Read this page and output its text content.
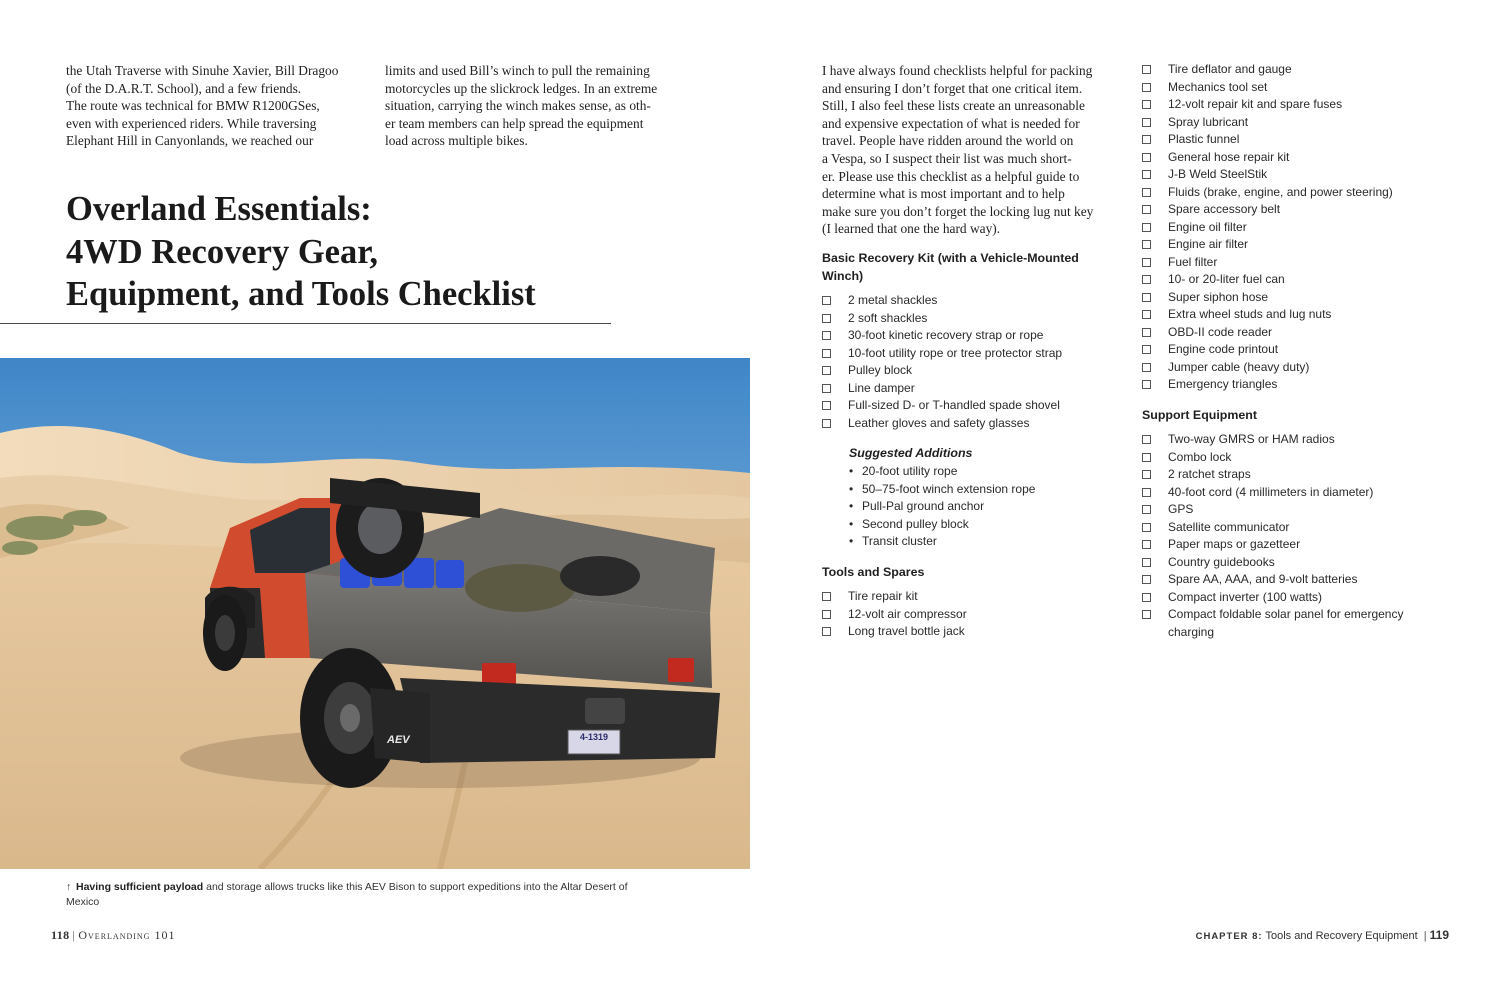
the Utah Traverse with Sinuhe Xavier, Bill Dragoo
(of the D.A.R.T. School), and a few friends.
The route was technical for BMW R1200GSes,
even with experienced riders. While traversing
Elephant Hill in Canyonlands, we reached our
limits and used Bill’s winch to pull the remaining
motorcycles up the slickrock ledges. In an extreme
situation, carrying the winch makes sense, as oth-
er team members can help spread the equipment
load across multiple bikes.
Overland Essentials:
4WD Recovery Gear,
Equipment, and Tools Checklist
AEV	4-1319
↑ Having sufficient payload and storage allows trucks like this AEV Bison to support expeditions into the Altar Desert of
Mexico
118 | Overlanding 101
I have always found checklists helpful for packing
and ensuring I don’t forget that one critical item.
Still, I also feel these lists create an unreasonable
and expensive expectation of what is needed for
travel. People have ridden around the world on
a Vespa, so I suspect their list was much short-
er. Please use this checklist as a helpful guide to
determine what is most important and to help
make sure you don’t forget the locking lug nut key
(I learned that one the hard way).
Basic Recovery Kit (with a Vehicle-Mounted
Winch)
2 metal shackles
2 soft shackles
30-foot kinetic recovery strap or rope
10-foot utility rope or tree protector strap
Pulley block
Line damper
Full-sized D- or T-handled spade shovel
Leather gloves and safety glasses
Suggested Additions
• 20-foot utility rope
• 50–75-foot winch extension rope
• Pull-Pal ground anchor
• Second pulley block
• Transit cluster
Tools and Spares
Tire repair kit
12-volt air compressor
Long travel bottle jack
Tire deflator and gauge
Mechanics tool set
12-volt repair kit and spare fuses
Spray lubricant
Plastic funnel
General hose repair kit
J-B Weld SteelStik
Fluids (brake, engine, and power steering)
Spare accessory belt
Engine oil filter
Engine air filter
Fuel filter
10- or 20-liter fuel can
Super siphon hose
Extra wheel studs and lug nuts
OBD-II code reader
Engine code printout
Jumper cable (heavy duty)
Emergency triangles
Support Equipment
Two-way GMRS or HAM radios
Combo lock
2 ratchet straps
40-foot cord (4 millimeters in diameter)
GPS
Satellite communicator
Paper maps or gazetteer
Country guidebooks
Spare AA, AAA, and 9-volt batteries
Compact inverter (100 watts)
Compact foldable solar panel for emergency
charging
CHAPTER 8: Tools and Recovery Equipment | 119
